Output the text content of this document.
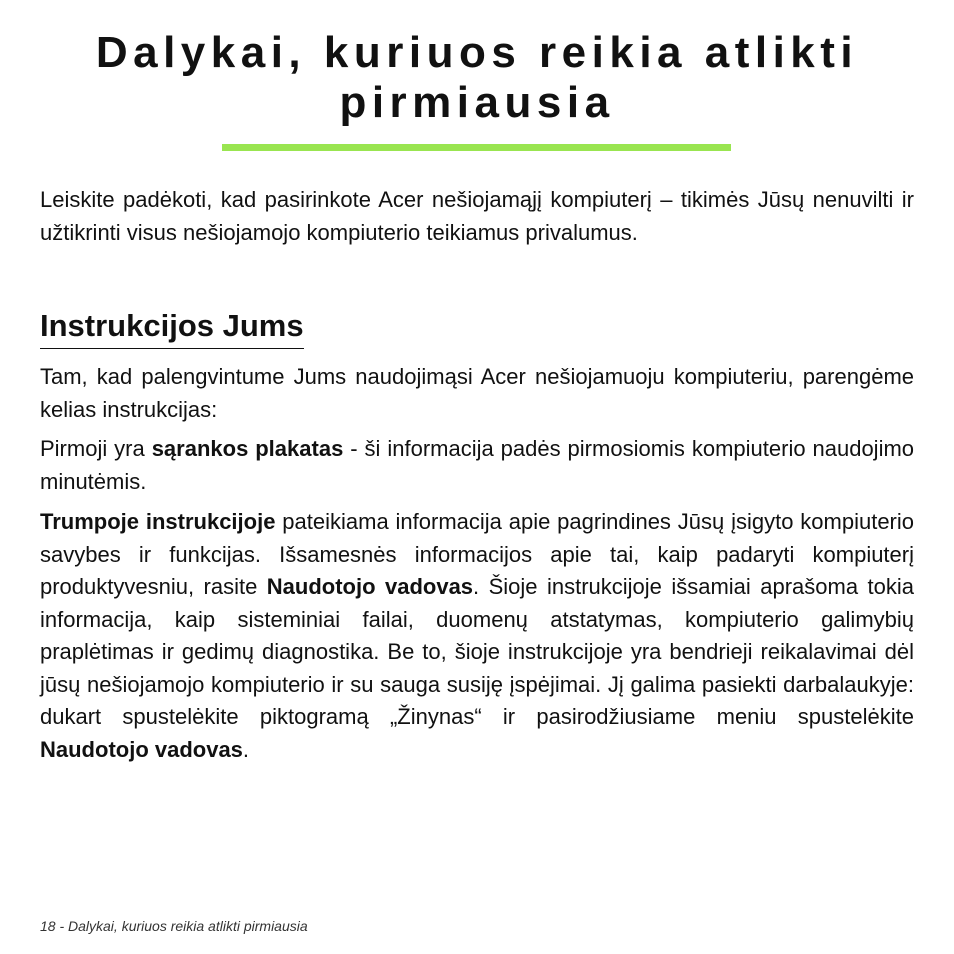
Dalykai, kuriuos reikia atlikti
pirmiausia

Leiskite padėkoti, kad pasirinkote Acer nešiojamąjį kompiuterį – tikimės Jūsų nenuvilti ir užtikrinti visus nešiojamojo kompiuterio teikiamus privalumus.

Instrukcijos Jums

Tam, kad palengvintume Jums naudojimąsi Acer nešiojamuoju kompiuteriu, parengėme kelias instrukcijas:

Pirmoji yra sąrankos plakatas - ši informacija padės pirmosiomis kompiuterio naudojimo minutėmis.

Trumpoje instrukcijoje pateikiama informacija apie pagrindines Jūsų įsigyto kompiuterio savybes ir funkcijas. Išsamesnės informacijos apie tai, kaip padaryti kompiuterį produktyvesniu, rasite Naudotojo vadovas. Šioje instrukcijoje išsamiai aprašoma tokia informacija, kaip sisteminiai failai, duomenų atstatymas, kompiuterio galimybių praplėtimas ir gedimų diagnostika. Be to, šioje instrukcijoje yra bendrieji reikalavimai dėl jūsų nešiojamojo kompiuterio ir su sauga susiję įspėjimai. Jį galima pasiekti darbalaukyje: dukart spustelėkite piktogramą „Žinynas“ ir pasirodžiusiame meniu spustelėkite Naudotojo vadovas.

18 - Dalykai, kuriuos reikia atlikti pirmiausia
